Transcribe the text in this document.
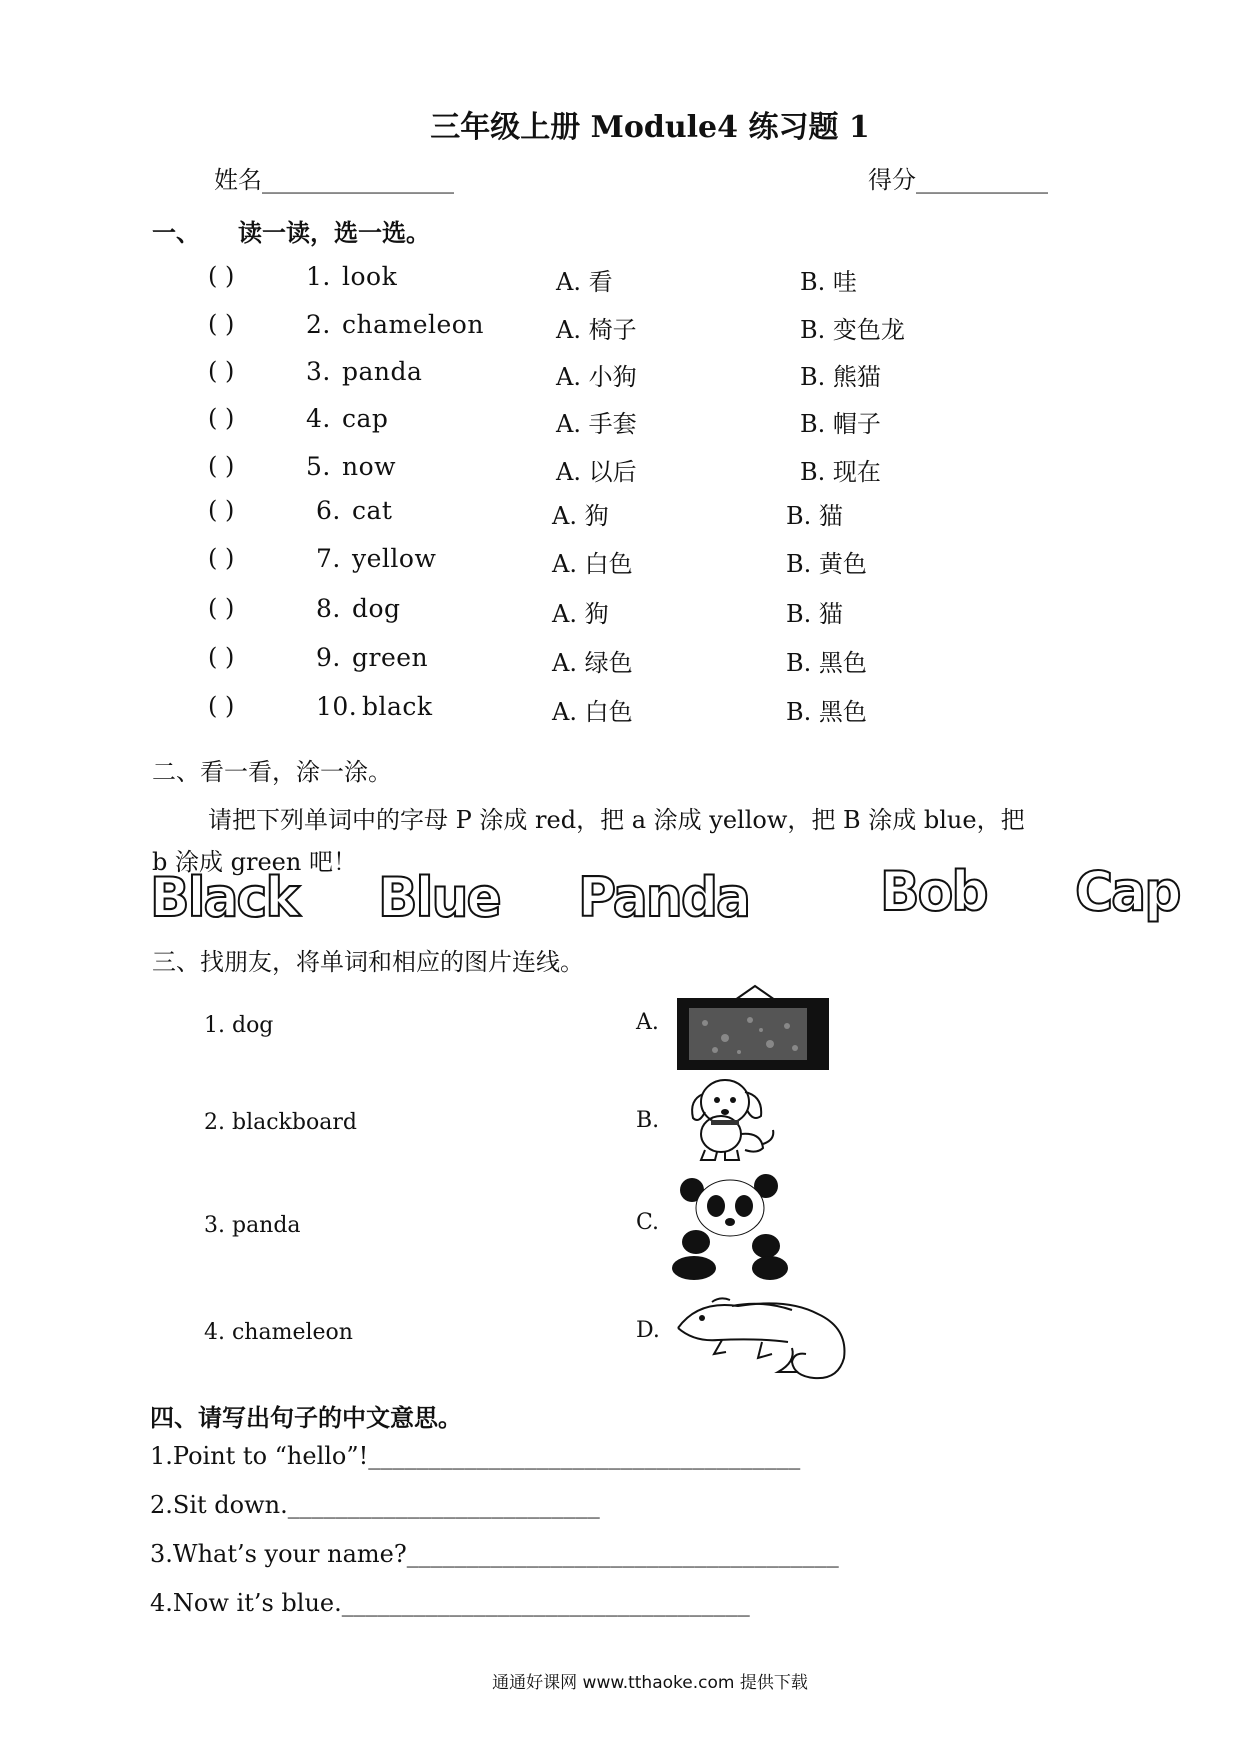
三年级上册 Module4 练习题 1
姓名________________	得分___________
一、 读一读，选一选。
( )	1. look	A. 看	B. 哇
( )	2. chameleon	A. 椅子	B. 变色龙
( )	3. panda	A. 小狗	B. 熊猫
( )	4. cap	A. 手套	B. 帽子
( )	5. now	A. 以后	B. 现在
( )	6. cat	A. 狗	B. 猫
( )	7. yellow	A. 白色	B. 黄色
( )	8. dog	A. 狗	B. 猫
( )	9. green	A. 绿色	B. 黑色
( )	10. black	A. 白色	B. 黑色
二、看一看，涂一涂。
请把下列单词中的字母 P 涂成 red，把 a 涂成 yellow，把 B 涂成 blue，把
b 涂成 green 吧！
Black Blue Panda	Bob Cap
三、找朋友，将单词和相应的图片连线。
1. dog
2. blackboard
3. panda
4. chameleon
A.
B.
C.
D.
四、请写出句子的中文意思。
1.Point to “hello”!____________________________________
2.Sit down.__________________________
3.What’s your name?____________________________________
4.Now it’s blue.__________________________________
通通好课网 www.tthaoke.com 提供下载
